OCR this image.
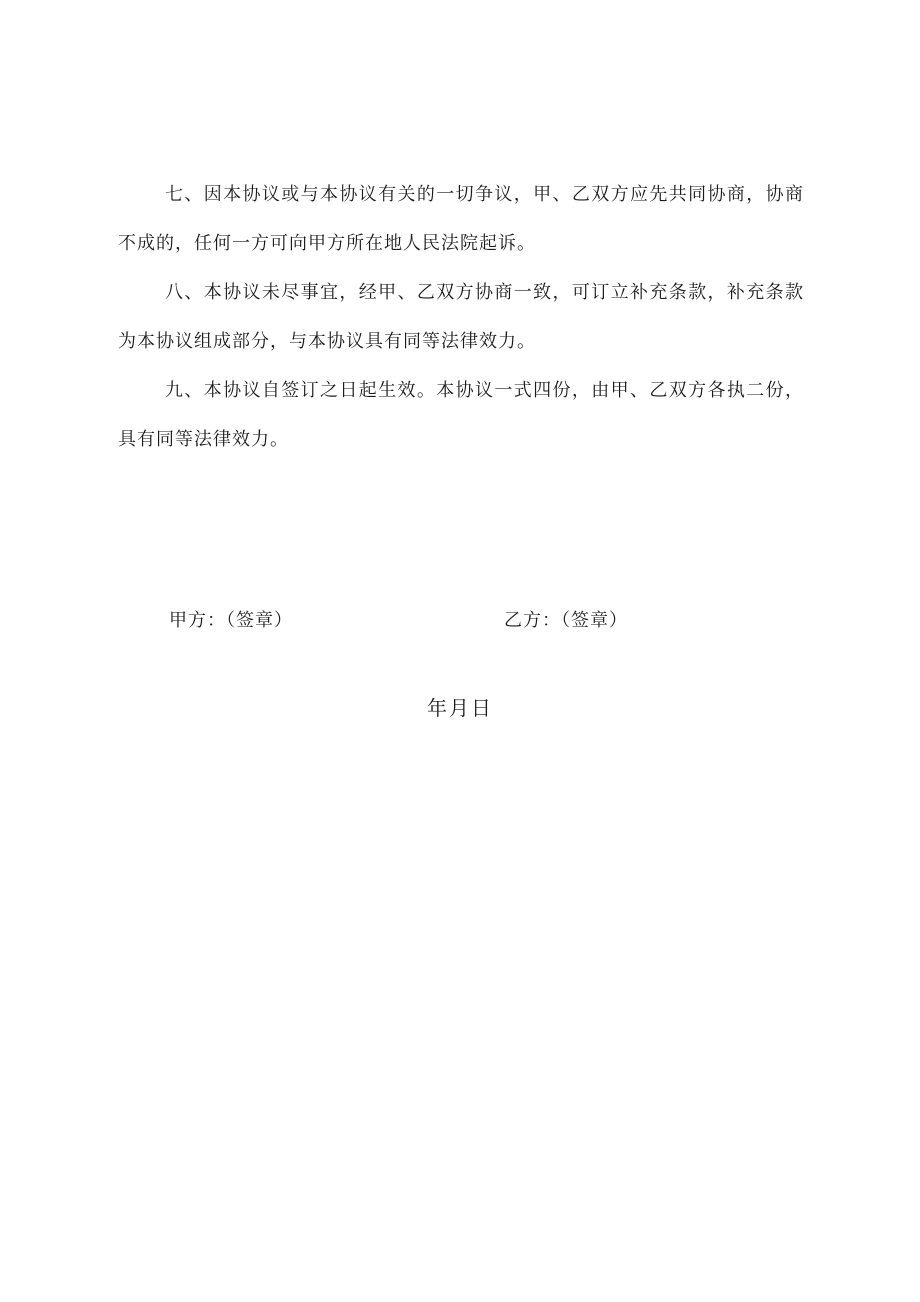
七、因本协议或与本协议有关的一切争议，甲、乙双方应先共同协商，协商不成的，任何一方可向甲方所在地人民法院起诉。

八、本协议未尽事宜，经甲、乙双方协商一致，可订立补充条款，补充条款为本协议组成部分，与本协议具有同等法律效力。

九、本协议自签订之日起生效。本协议一式四份，由甲、乙双方各执二份，具有同等法律效力。

甲方：（签章）	乙方：（签章）
年月日
